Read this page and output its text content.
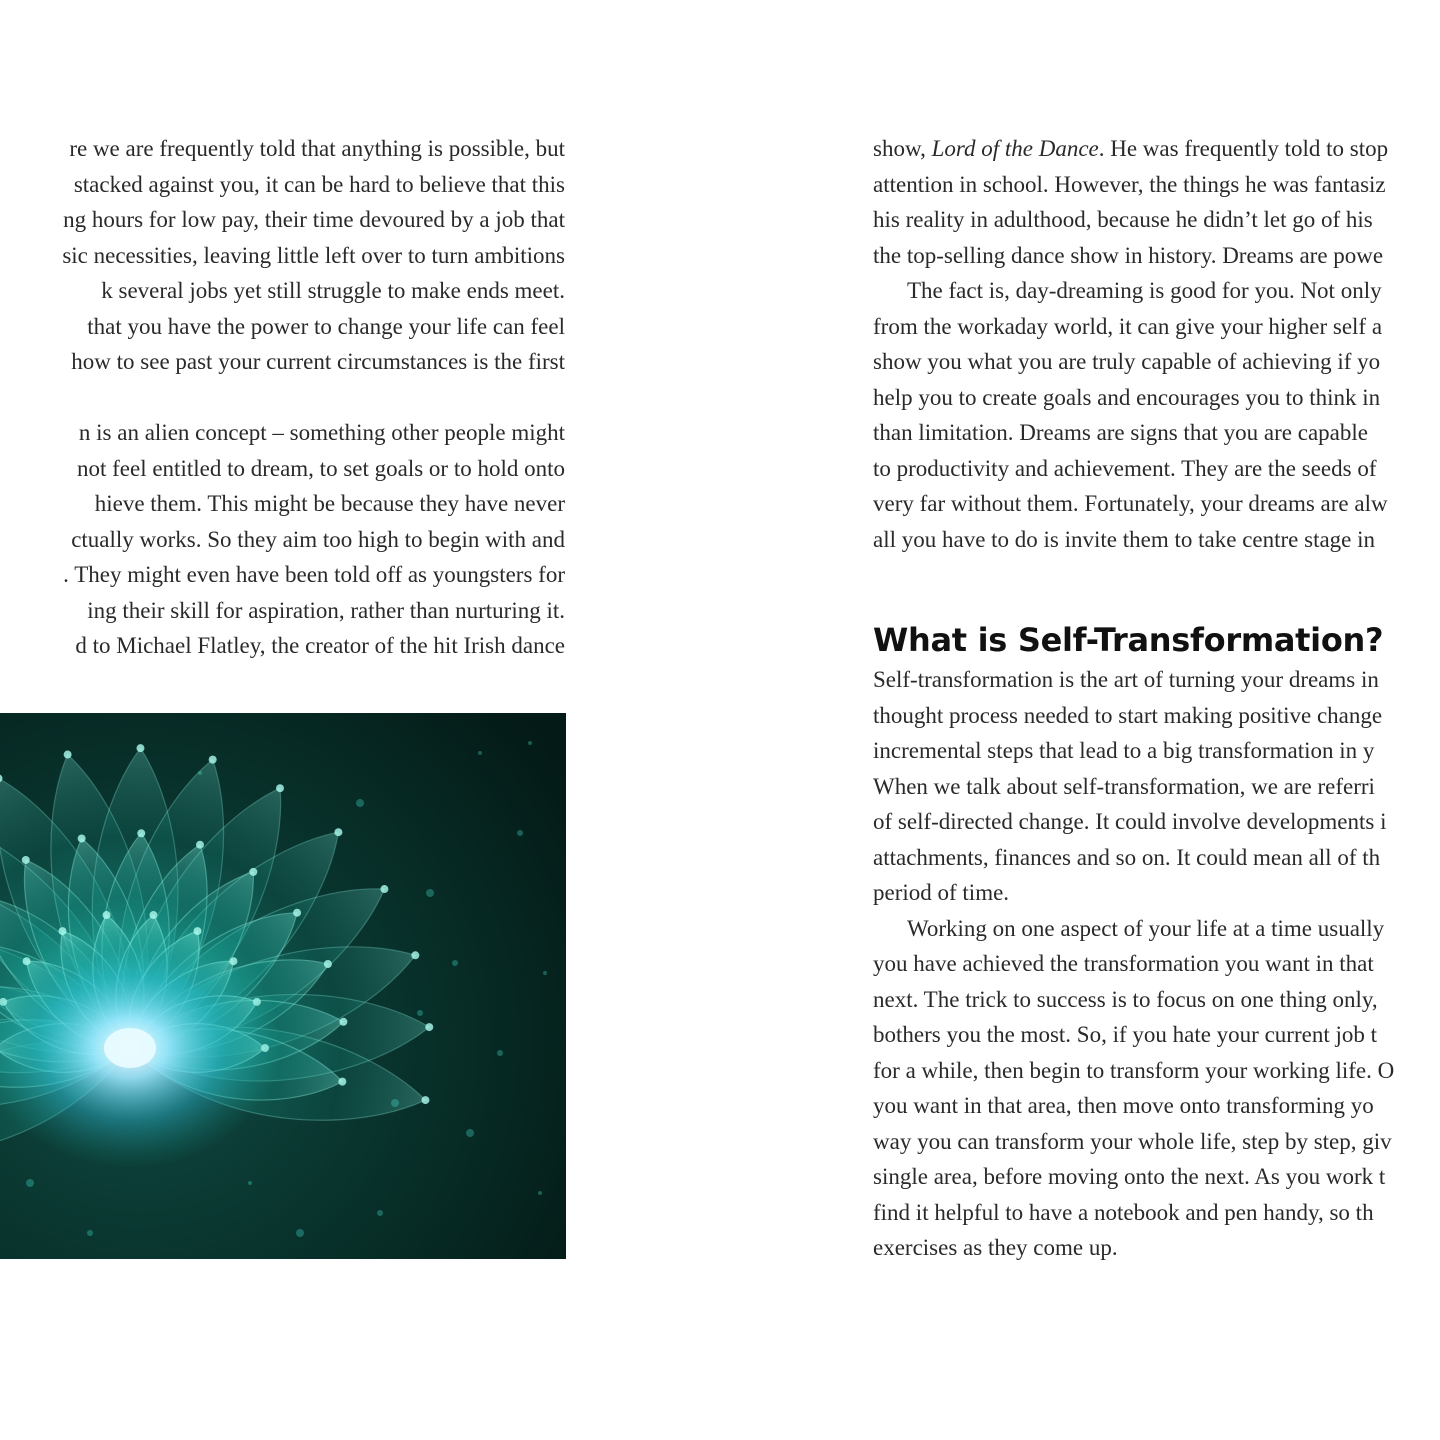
re we are frequently told that anything is possible, but
stacked against you, it can be hard to believe that this
ng hours for low pay, their time devoured by a job that
sic necessities, leaving little left over to turn ambitions
k several jobs yet still struggle to make ends meet.
that you have the power to change your life can feel
how to see past your current circumstances is the first
n is an alien concept – something other people might
not feel entitled to dream, to set goals or to hold onto
hieve them. This might be because they have never
ctually works. So they aim too high to begin with and
. They might even have been told off as youngsters for
ing their skill for aspiration, rather than nurturing it.
d to Michael Flatley, the creator of the hit Irish dance
show, Lord of the Dance. He was frequently told to stop
attention in school. However, the things he was fantasiz
his reality in adulthood, because he didn’t let go of his
the top-selling dance show in history. Dreams are powe
The fact is, day-dreaming is good for you. Not only
from the workaday world, it can give your higher self a
show you what you are truly capable of achieving if yo
help you to create goals and encourages you to think in
than limitation. Dreams are signs that you are capable
to productivity and achievement. They are the seeds of
very far without them. Fortunately, your dreams are alw
all you have to do is invite them to take centre stage in
What is Self-Transformation?
Self-transformation is the art of turning your dreams in
thought process needed to start making positive change
incremental steps that lead to a big transformation in y
When we talk about self-transformation, we are referri
of self-directed change. It could involve developments i
attachments, finances and so on. It could mean all of th
period of time.
Working on one aspect of your life at a time usually
you have achieved the transformation you want in that
next. The trick to success is to focus on one thing only,
bothers you the most. So, if you hate your current job t
for a while, then begin to transform your working life. O
you want in that area, then move onto transforming yo
way you can transform your whole life, step by step, giv
single area, before moving onto the next. As you work t
find it helpful to have a notebook and pen handy, so th
exercises as they come up.
